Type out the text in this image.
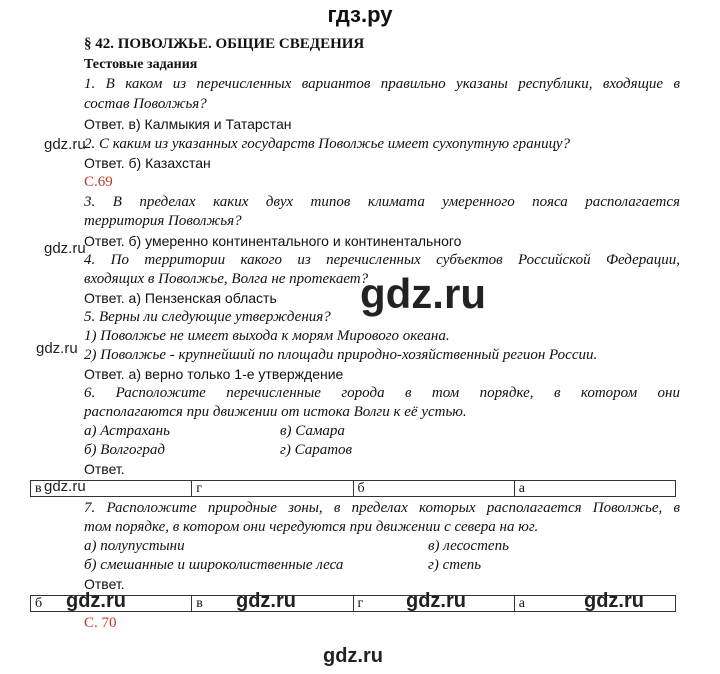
гдз.ру
§ 42. ПОВОЛЖЬЕ. ОБЩИЕ СВЕДЕНИЯ
Тестовые задания
1. В каком из перечисленных вариантов правильно указаны республики, входящие в
состав Поволжья?
Ответ. в) Калмыкия и Татарстан
2. С каким из указанных государств Поволжье имеет сухопутную границу?
Ответ. б) Казахстан
С.69
3. В пределах каких двух типов климата умеренного пояса располагается
территория Поволжья?
Ответ. б) умеренно континентального и континентального
4. По территории какого из перечисленных субъектов Российской Федерации,
входящих в Поволжье, Волга не протекает?
Ответ. а) Пензенская область
5. Верны ли следующие утверждения?
1) Поволжье не имеет выхода к морям Мирового океана.
2) Поволжье - крупнейший по площади природно-хозяйственный регион России.
Ответ. а) верно только 1-е утверждение
6. Расположите перечисленные города в том порядке, в котором они
располагаются при движении от истока Волги к её устью.
а) Астрахань	в) Самара
б) Волгоград	г) Саратов
Ответ.
в	г	б	а
7. Расположите природные зоны, в пределах которых располагается Поволжье, в
том порядке, в котором они чередуются при движении с севера на юг.
а) полупустыни	в) лесостепь
б) смешанные и широколиственные леса	г) степь
Ответ.
б	в	г	а
С. 70
gdz.ru
gdz.ru
gdz.ru
gdz.ru
gdz.ru	gdz.ru	gdz.ru	gdz.ru
gdz.ru
gdz.ru
